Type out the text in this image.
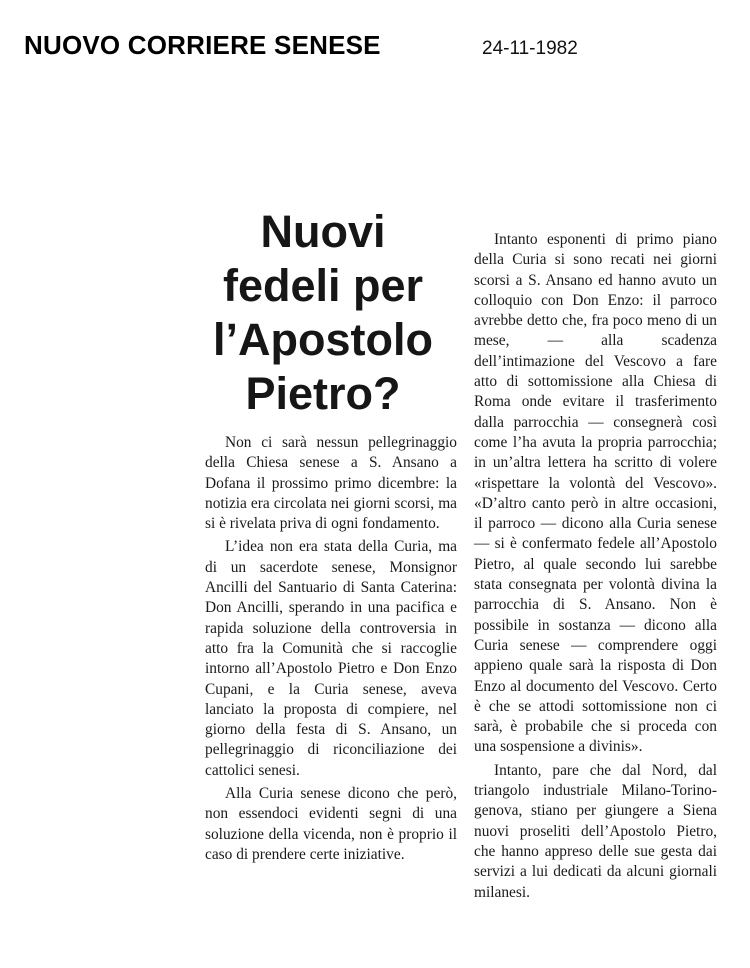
NUOVO CORRIERE SENESE	24-11-1982
Nuovi
fedeli per
l’Apostolo
Pietro?

Non ci sarà nessun pellegrinaggio della Chiesa senese a S. Ansano a Dofana il prossimo primo dicembre: la notizia era circolata nei giorni scorsi, ma si è rivelata priva di ogni fondamento.

L’idea non era stata della Curia, ma di un sacerdote senese, Monsignor Ancilli del Santuario di Santa Caterina: Don Ancilli, sperando in una pacifica e rapida soluzione della controversia in atto fra la Comunità che si raccoglie intorno all’Apostolo Pietro e Don Enzo Cupani, e la Curia senese, aveva lanciato la proposta di compiere, nel giorno della festa di S. Ansano, un pellegrinaggio di riconciliazione dei cattolici senesi.

Alla Curia senese dicono che però, non essendoci evidenti segni di una soluzione della vicenda, non è proprio il caso di prendere certe iniziative.

Intanto esponenti di primo piano della Curia si sono recati nei giorni scorsi a S. Ansano ed hanno avuto un colloquio con Don Enzo: il parroco avrebbe detto che, fra poco meno di un mese, — alla scadenza dell’intimazione del Vescovo a fare atto di sottomissione alla Chiesa di Roma onde evitare il trasferimento dalla parrocchia — consegnerà così come l’ha avuta la propria parrocchia; in un’altra lettera ha scritto di volere «rispettare la volontà del Vescovo». «D’altro canto però in altre occasioni, il parroco — dicono alla Curia senese — si è confermato fedele all’Apostolo Pietro, al quale secondo lui sarebbe stata consegnata per volontà divina la parrocchia di S. Ansano. Non è possibile in sostanza — dicono alla Curia senese — comprendere oggi appieno quale sarà la risposta di Don Enzo al documento del Vescovo. Certo è che se attodi sottomissione non ci sarà, è probabile che si proceda con una sospensione a divinis».

Intanto, pare che dal Nord, dal triangolo industriale Milano-Torino-genova, stiano per giungere a Siena nuovi proseliti dell’Apostolo Pietro, che hanno appreso delle sue gesta dai servizi a lui dedicati da alcuni giornali milanesi.
